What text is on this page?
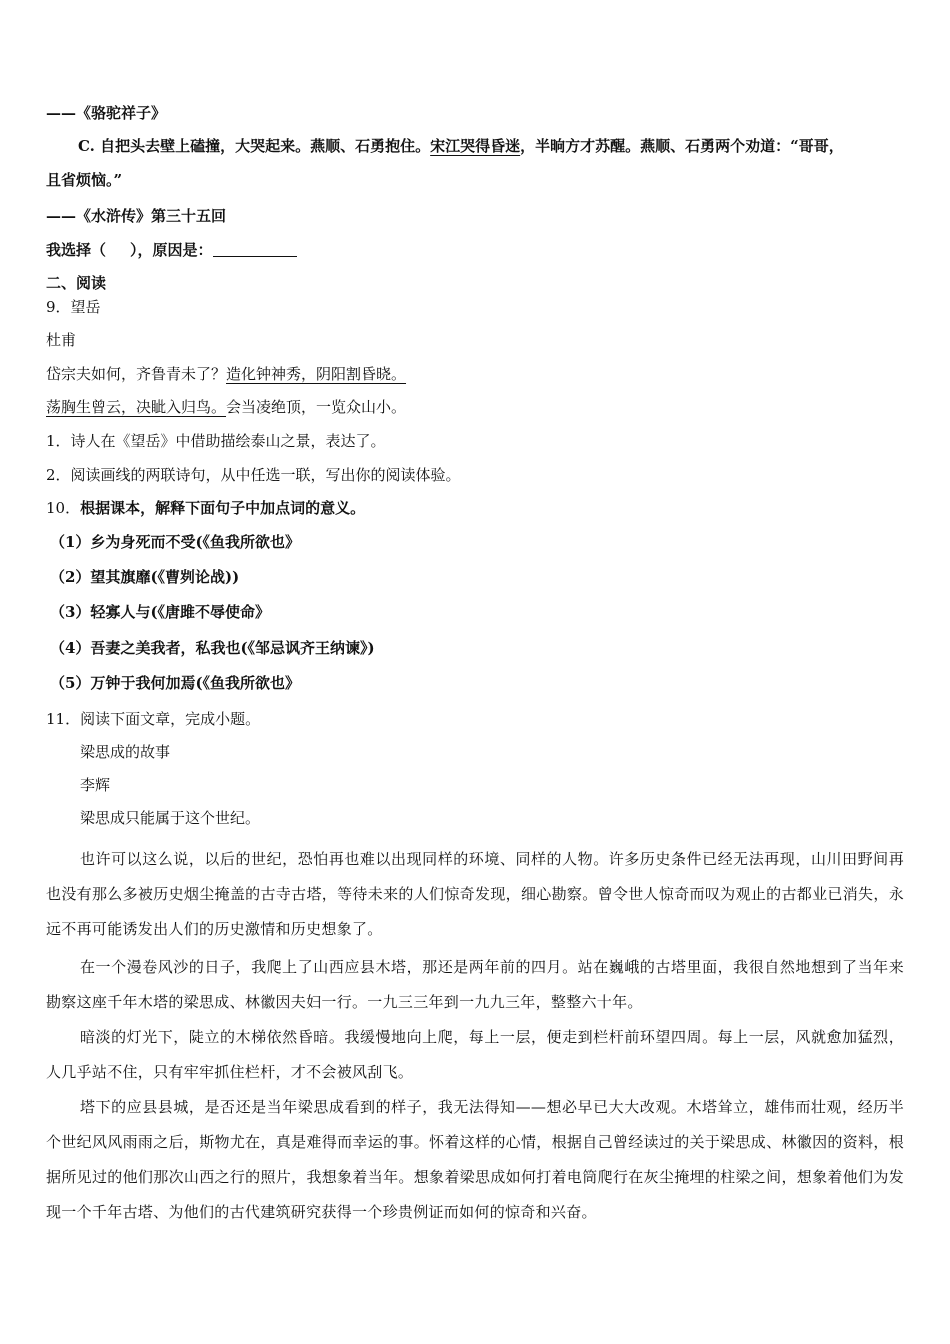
——《骆驼祥子》
C. 自把头去壁上磕撞，大哭起来。燕顺、石勇抱住。宋江哭得昏迷，半晌方才苏醒。燕顺、石勇两个劝道：“哥哥，
且省烦恼。”
——《水浒传》第三十五回
我选择（ ），原因是：
二、阅读
9．望岳
杜甫
岱宗夫如何，齐鲁青未了？造化钟神秀，阴阳割昏晓。
荡胸生曾云，决眦入归鸟。会当凌绝顶，一览众山小。
1．诗人在《望岳》中借助描绘泰山之景，表达了。
2．阅读画线的两联诗句，从中任选一联，写出你的阅读体验。
10．根据课本，解释下面句子中加点词的意义。
（1）乡为身死而不受(《鱼我所欲也》
（2）望其旗靡(《曹刿论战))
（3）轻寡人与(《唐雎不辱使命》
（4）吾妻之美我者，私我也(《邹忌讽齐王纳谏》)
（5）万钟于我何加焉(《鱼我所欲也》
11．阅读下面文章，完成小题。
梁思成的故事
李辉
梁思成只能属于这个世纪。
也许可以这么说，以后的世纪，恐怕再也难以出现同样的环境、同样的人物。许多历史条件已经无法再现，山川田野间再也没有那么多被历史烟尘掩盖的古寺古塔，等待未来的人们惊奇发现，细心勘察。曾令世人惊奇而叹为观止的古都业已消失，永远不再可能诱发出人们的历史激情和历史想象了。
在一个漫卷风沙的日子，我爬上了山西应县木塔，那还是两年前的四月。站在巍峨的古塔里面，我很自然地想到了当年来勘察这座千年木塔的梁思成、林徽因夫妇一行。一九三三年到一九九三年，整整六十年。
暗淡的灯光下，陡立的木梯依然昏暗。我缓慢地向上爬，每上一层，便走到栏杆前环望四周。每上一层，风就愈加猛烈，人几乎站不住，只有牢牢抓住栏杆，才不会被风刮飞。
塔下的应县县城，是否还是当年梁思成看到的样子，我无法得知——想必早已大大改观。木塔耸立，雄伟而壮观，经历半个世纪风风雨雨之后，斯物尤在，真是难得而幸运的事。怀着这样的心情，根据自己曾经读过的关于梁思成、林徽因的资料，根据所见过的他们那次山西之行的照片，我想象着当年。想象着梁思成如何打着电筒爬行在灰尘掩埋的柱梁之间，想象着他们为发现一个千年古塔、为他们的古代建筑研究获得一个珍贵例证而如何的惊奇和兴奋。
